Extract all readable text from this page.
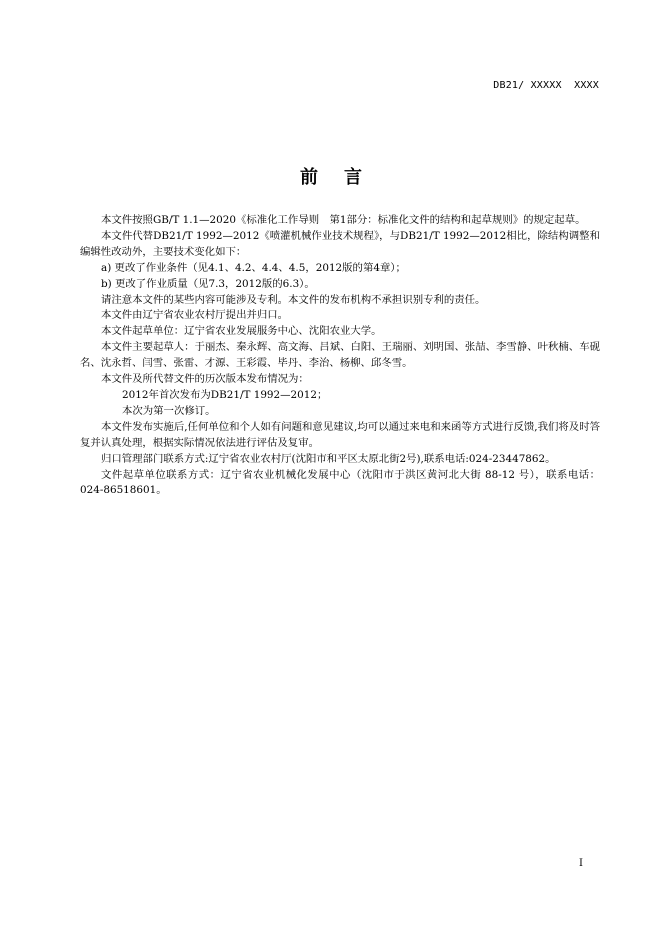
DB21/ XXXXX  XXXX
前言

本文件按照GB/T 1.1—2020《标准化工作导则　第1部分：标准化文件的结构和起草规则》的规定起草。

本文件代替DB21/T 1992—2012《喷灌机械作业技术规程》，与DB21/T 1992—2012相比，除结构调整和编辑性改动外，主要技术变化如下：

a) 更改了作业条件（见4.1、4.2、4.4、4.5，2012版的第4章）；

b) 更改了作业质量（见7.3，2012版的6.3）。

请注意本文件的某些内容可能涉及专利。本文件的发布机构不承担识别专利的责任。

本文件由辽宁省农业农村厅提出并归口。

本文件起草单位：辽宁省农业发展服务中心、沈阳农业大学。

本文件主要起草人：于丽杰、秦永辉、高文海、吕斌、白阳、王瑞丽、刘明国、张喆、李雪静、叶秋楠、车砚名、沈永哲、闫雪、张雷、才源、王彩霞、毕丹、李治、杨柳、邱冬雪。

本文件及所代替文件的历次版本发布情况为：

2012年首次发布为DB21/T 1992—2012；

本次为第一次修订。

本文件发布实施后,任何单位和个人如有问题和意见建议,均可以通过来电和来函等方式进行反馈,我们将及时答复并认真处理，根据实际情况依法进行评估及复审。

归口管理部门联系方式:辽宁省农业农村厅(沈阳市和平区太原北街2号),联系电话:024-23447862。

文件起草单位联系方式：辽宁省农业机械化发展中心（沈阳市于洪区黄河北大街 88-12 号），联系电话：024-86518601。

I
